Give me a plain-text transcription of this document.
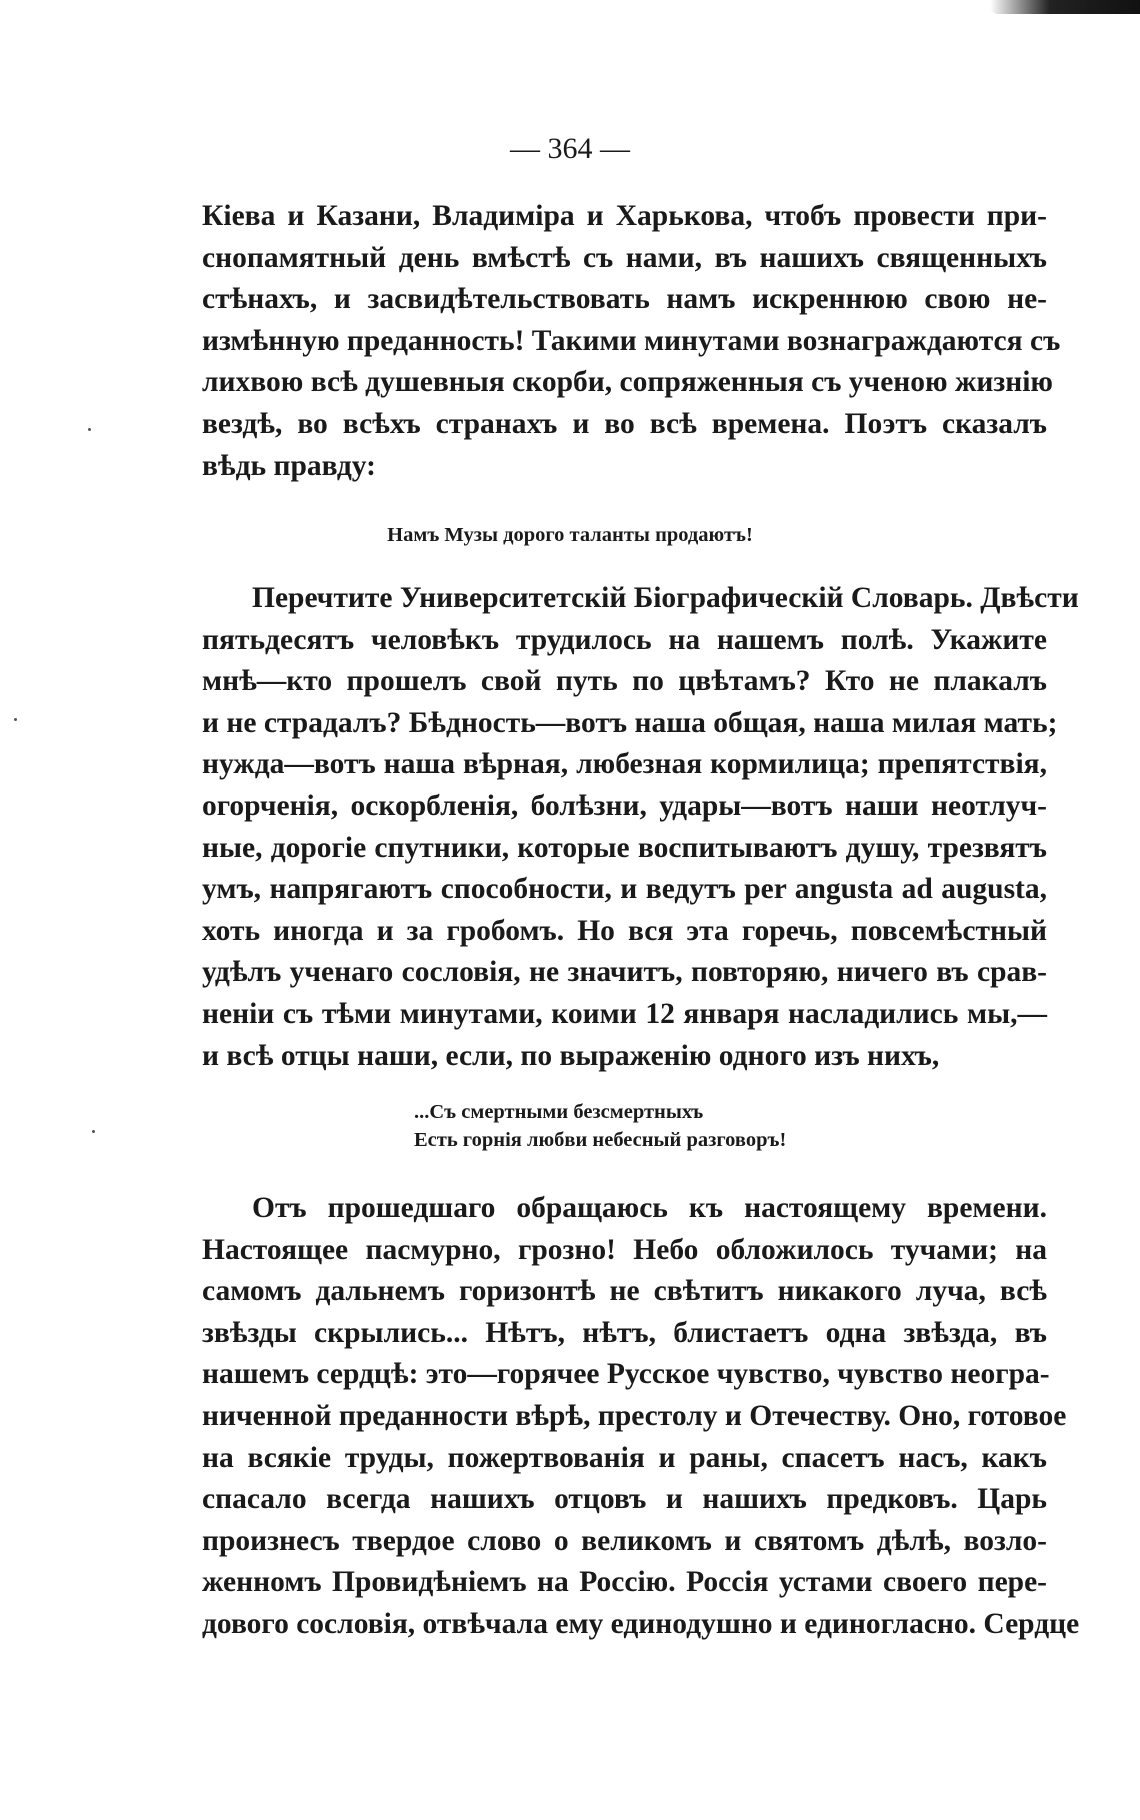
— 364 —
Кіева и Казани, Владиміра и Харькова, чтобъ провести при-
снопамятный день вмѣстѣ съ нами, въ нашихъ священныхъ
стѣнахъ, и засвидѣтельствовать намъ искреннюю свою не-
измѣнную преданность! Такими минутами вознаграждаются съ
лихвою всѣ душевныя скорби, сопряженныя съ ученою жизнію
вездѣ, во всѣхъ странахъ и во всѣ времена. Поэтъ сказалъ
вѣдь правду:
Намъ Музы дорого таланты продаютъ!
Перечтите Университетскій Біографическій Словарь. Двѣсти
пятьдесятъ человѣкъ трудилось на нашемъ полѣ. Укажите
мнѣ—кто прошелъ свой путь по цвѣтамъ? Кто не плакалъ
и не страдалъ? Бѣдность—вотъ наша общая, наша милая мать;
нужда—вотъ наша вѣрная, любезная кормилица; препятствія,
огорченія, оскорбленія, болѣзни, удары—вотъ наши неотлуч-
ные, дорогіе спутники, которые воспитываютъ душу, трезвятъ
умъ, напрягаютъ способности, и ведутъ per angusta ad augusta,
хоть иногда и за гробомъ. Но вся эта горечь, повсемѣстный
удѣлъ ученаго сословія, не значитъ, повторяю, ничего въ срав-
неніи съ тѣми минутами, коими 12 января насладились мы,—
и всѣ отцы наши, если, по выраженію одного изъ нихъ,
...Съ смертными безсмертныхъ
Есть горнія любви небесный разговоръ!
Отъ прошедшаго обращаюсь къ настоящему времени.
Настоящее пасмурно, грозно! Небо обложилось тучами; на
самомъ дальнемъ горизонтѣ не свѣтитъ никакого луча, всѣ
звѣзды скрылись... Нѣтъ, нѣтъ, блистаетъ одна звѣзда, въ
нашемъ сердцѣ: это—горячее Русское чувство, чувство неогра-
ниченной преданности вѣрѣ, престолу и Отечеству. Оно, готовое
на всякіе труды, пожертвованія и раны, спасетъ насъ, какъ
спасало всегда нашихъ отцовъ и нашихъ предковъ. Царь
произнесъ твердое слово о великомъ и святомъ дѣлѣ, возло-
женномъ Провидѣніемъ на Россію. Россія устами своего пере-
дового сословія, отвѣчала ему единодушно и единогласно. Сердце
